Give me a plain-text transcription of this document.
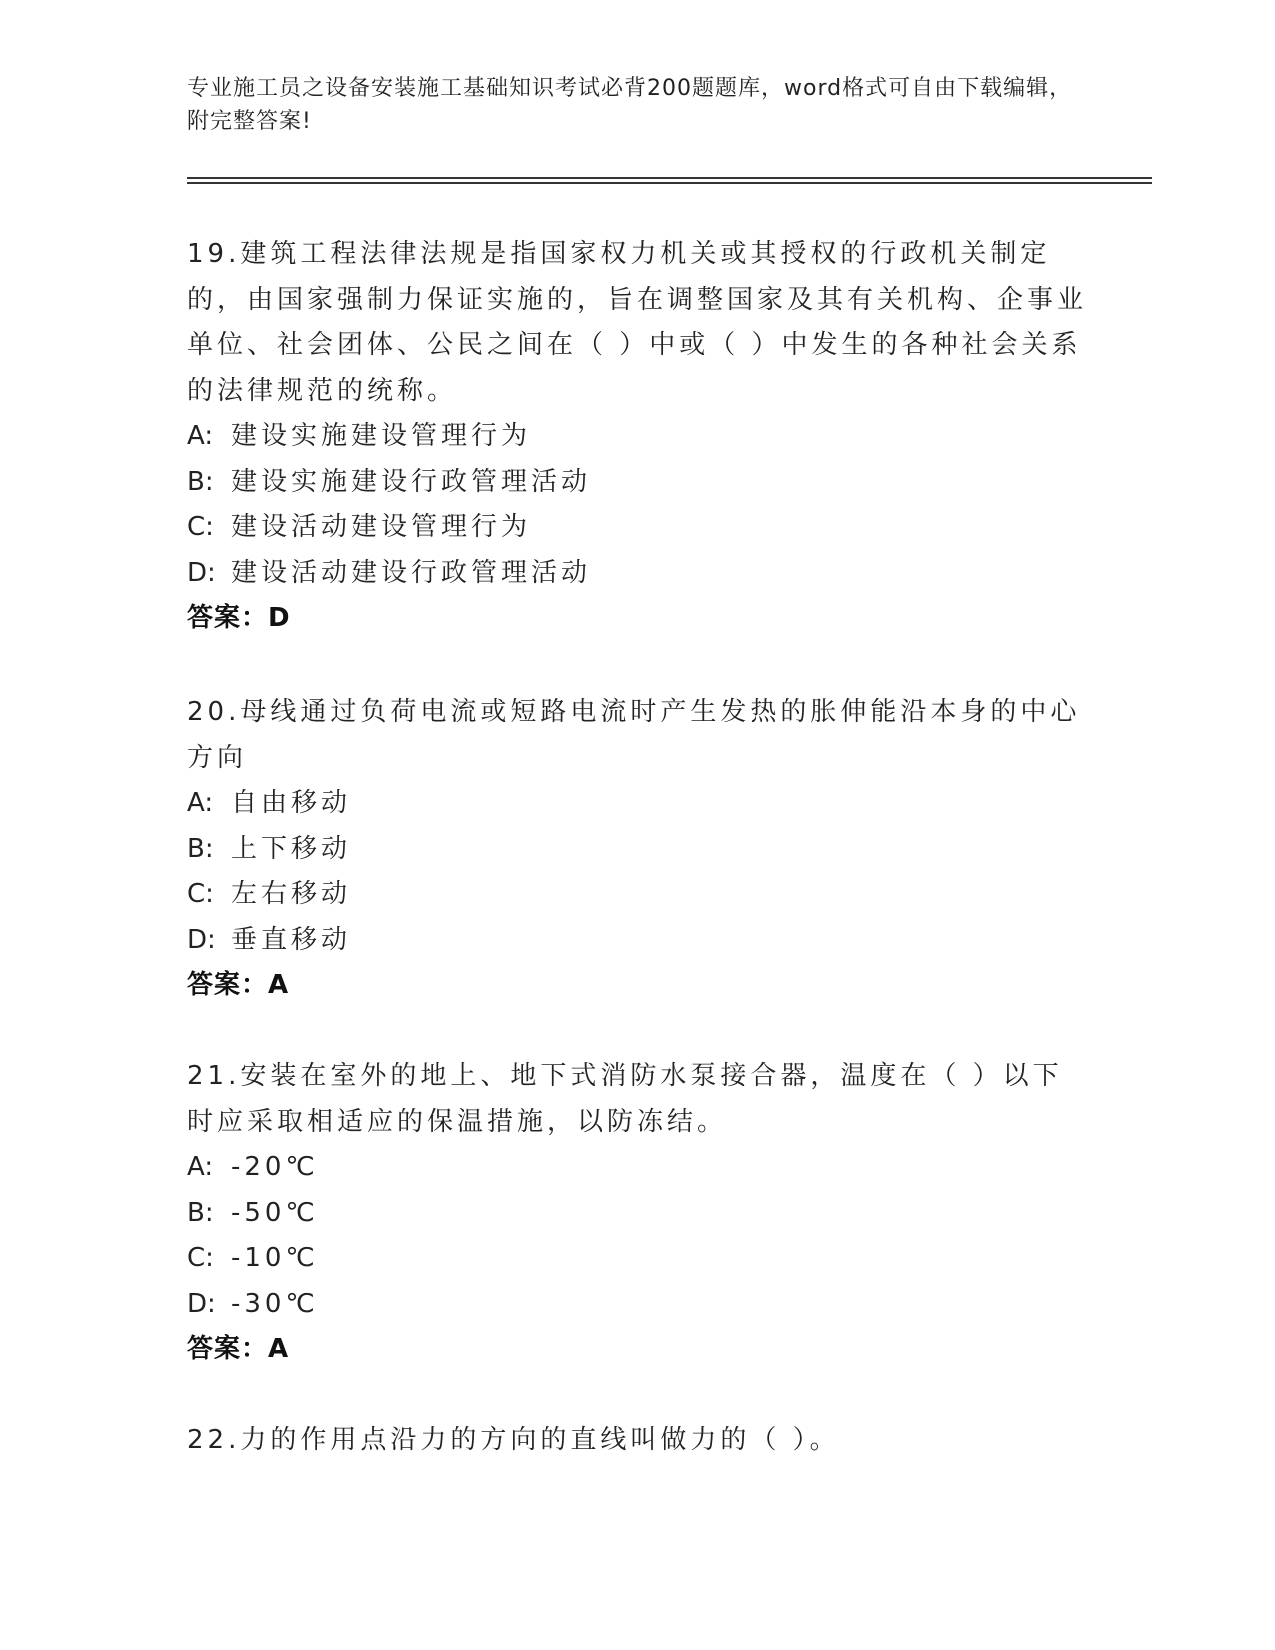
专业施工员之设备安装施工基础知识考试必背200题题库，word格式可自由下载编辑，附完整答案!
19.建筑工程法律法规是指国家权力机关或其授权的行政机关制定的，由国家强制力保证实施的，旨在调整国家及其有关机构、企事业单位、社会团体、公民之间在（ ）中或（ ）中发生的各种社会关系的法律规范的统称。
A: 建设实施建设管理行为
B: 建设实施建设行政管理活动
C: 建设活动建设管理行为
D: 建设活动建设行政管理活动
答案：D
20.母线通过负荷电流或短路电流时产生发热的胀伸能沿本身的中心方向
A: 自由移动
B: 上下移动
C: 左右移动
D: 垂直移动
答案：A
21.安装在室外的地上、地下式消防水泵接合器，温度在（ ）以下时应采取相适应的保温措施，以防冻结。
A: -20℃
B: -50℃
C: -10℃
D: -30℃
答案：A
22.力的作用点沿力的方向的直线叫做力的（ ）。
